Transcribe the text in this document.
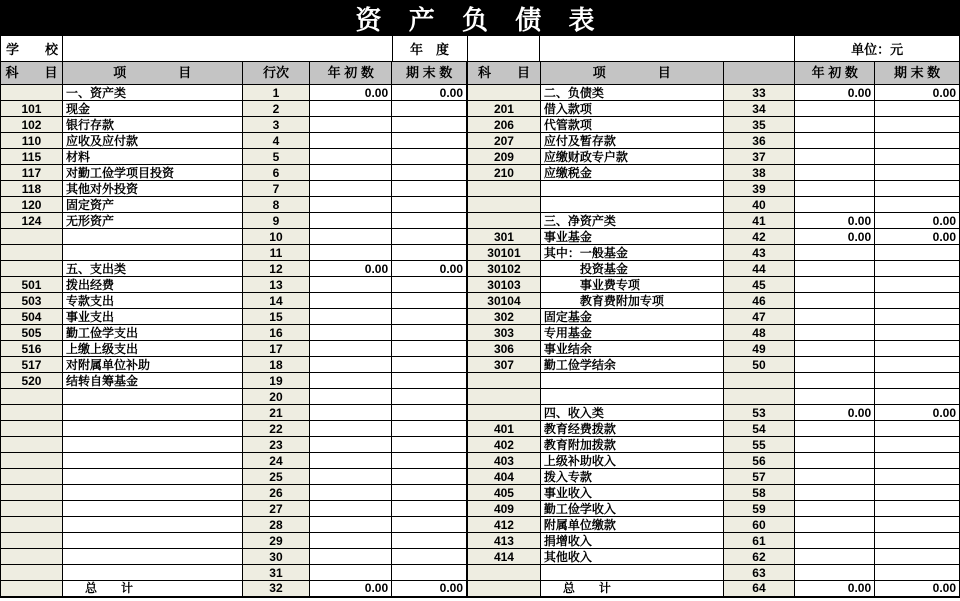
资 产 负 债 表
学　　校	年　度	单位：元
科　　目	项　　　　目	行次	年 初 数	期 末 数
	一、资产类	1	0.00	0.00
101	现金	2		
102	银行存款	3		
110	应收及应付款	4		
115	材料	5		
117	对勤工俭学项目投资	6		
118	其他对外投资	7		
120	固定资产	8		
124	无形资产	9		
		10		
		11		
	五、支出类	12	0.00	0.00
501	拨出经费	13		
503	专款支出	14		
504	事业支出	15		
505	勤工俭学支出	16		
516	上缴上级支出	17		
517	对附属单位补助	18		
520	结转自筹基金	19		
		20		
		21		
		22		
		23		
		24		
		25		
		26		
		27		
		28		
		29		
		30		
		31		
	总　　计	32	0.00	0.00
科　　目	项　　　　目		年 初 数	期 末 数
	二、负债类	33	0.00	0.00
201	借入款项	34		
206	代管款项	35		
207	应付及暂存款	36		
209	应缴财政专户款	37		
210	应缴税金	38		
		39		
		40		
	三、净资产类	41	0.00	0.00
301	事业基金	42	0.00	0.00
30101	其中：一般基金	43		
30102	　　　投资基金	44		
30103	　　　事业费专项	45		
30104	　　　教育费附加专项	46		
302	固定基金	47		
303	专用基金	48		
306	事业结余	49		
307	勤工俭学结余	50		

	四、收入类	53	0.00	0.00
401	教育经费拨款	54		
402	教育附加拨款	55		
403	上级补助收入	56		
404	拨入专款	57		
405	事业收入	58		
409	勤工俭学收入	59		
412	附属单位缴款	60		
413	捐增收入	61		
414	其他收入	62		
		63		
	总　　计	64	0.00	0.00
